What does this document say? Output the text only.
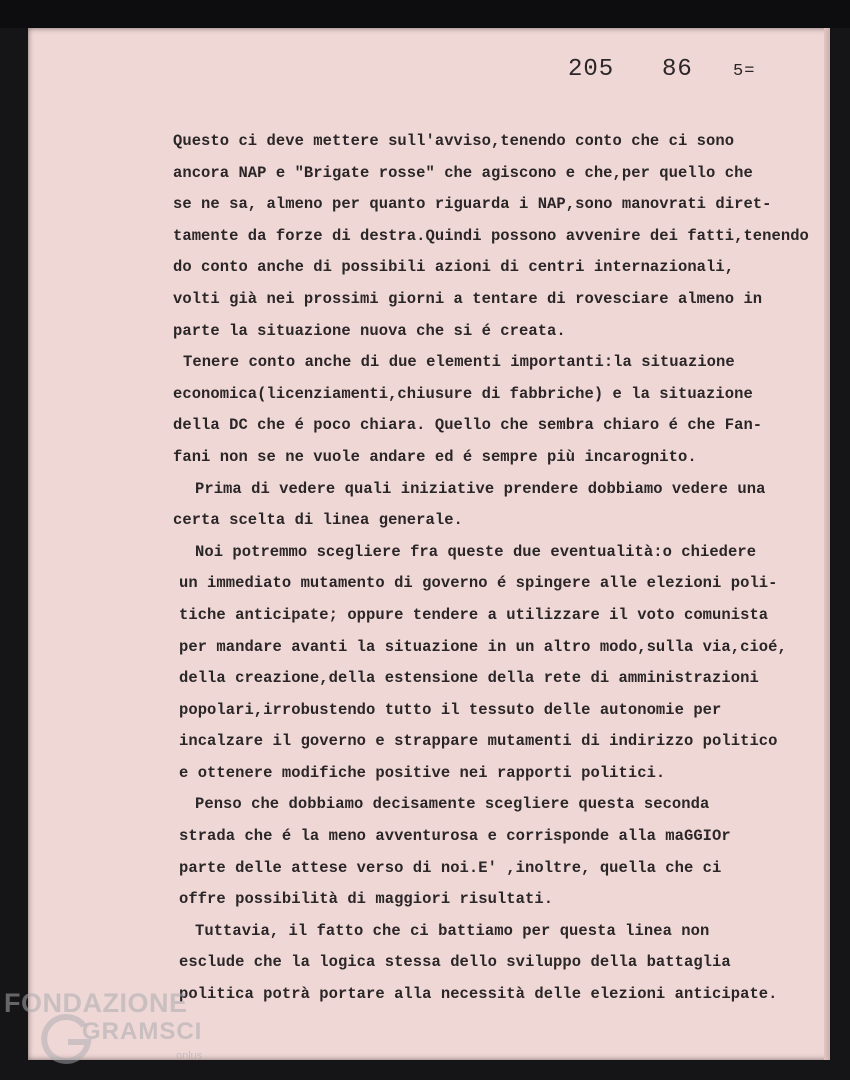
205 86 5=
Questo ci deve mettere sull'avviso,tenendo conto che ci sono
ancora NAP e "Brigate rosse" che agiscono e che,per quello che
se ne sa, almeno per quanto riguarda i NAP,sono manovrati diret-
tamente da forze di destra.Quindi possono avvenire dei fatti,tenendo
do conto anche di possibili azioni di centri internazionali,
volti già nei prossimi giorni a tentare di rovesciare almeno in
parte la situazione nuova che si é creata.
Tenere conto anche di due elementi importanti:la situazione
economica(licenziamenti,chiusure di fabbriche) e la situazione
della DC che é poco chiara. Quello che sembra chiaro é che Fan-
fani non se ne vuole andare ed é sempre più incarognito.
Prima di vedere quali iniziative prendere dobbiamo vedere una
certa scelta di linea generale.
Noi potremmo scegliere fra queste due eventualità:o chiedere
un immediato mutamento di governo é spingere alle elezioni poli-
tiche anticipate; oppure tendere a utilizzare il voto comunista
per mandare avanti la situazione in un altro modo,sulla via,cioé,
della creazione,della estensione della rete di amministrazioni
popolari,irrobustendo tutto il tessuto delle autonomie per
incalzare il governo e strappare mutamenti di indirizzo politico
e ottenere modifiche positive nei rapporti politici.
Penso che dobbiamo decisamente scegliere questa seconda
strada che é la meno avventurosa e corrisponde alla maGGIOr
parte delle attese verso di noi.E' ,inoltre, quella che ci
offre possibilità di maggiori risultati.
Tuttavia, il fatto che ci battiamo per questa linea non
esclude che la logica stessa dello sviluppo della battaglia
politica potrà portare alla necessità delle elezioni anticipate.
FONDAZIONE
GRAMSCI
onlus
